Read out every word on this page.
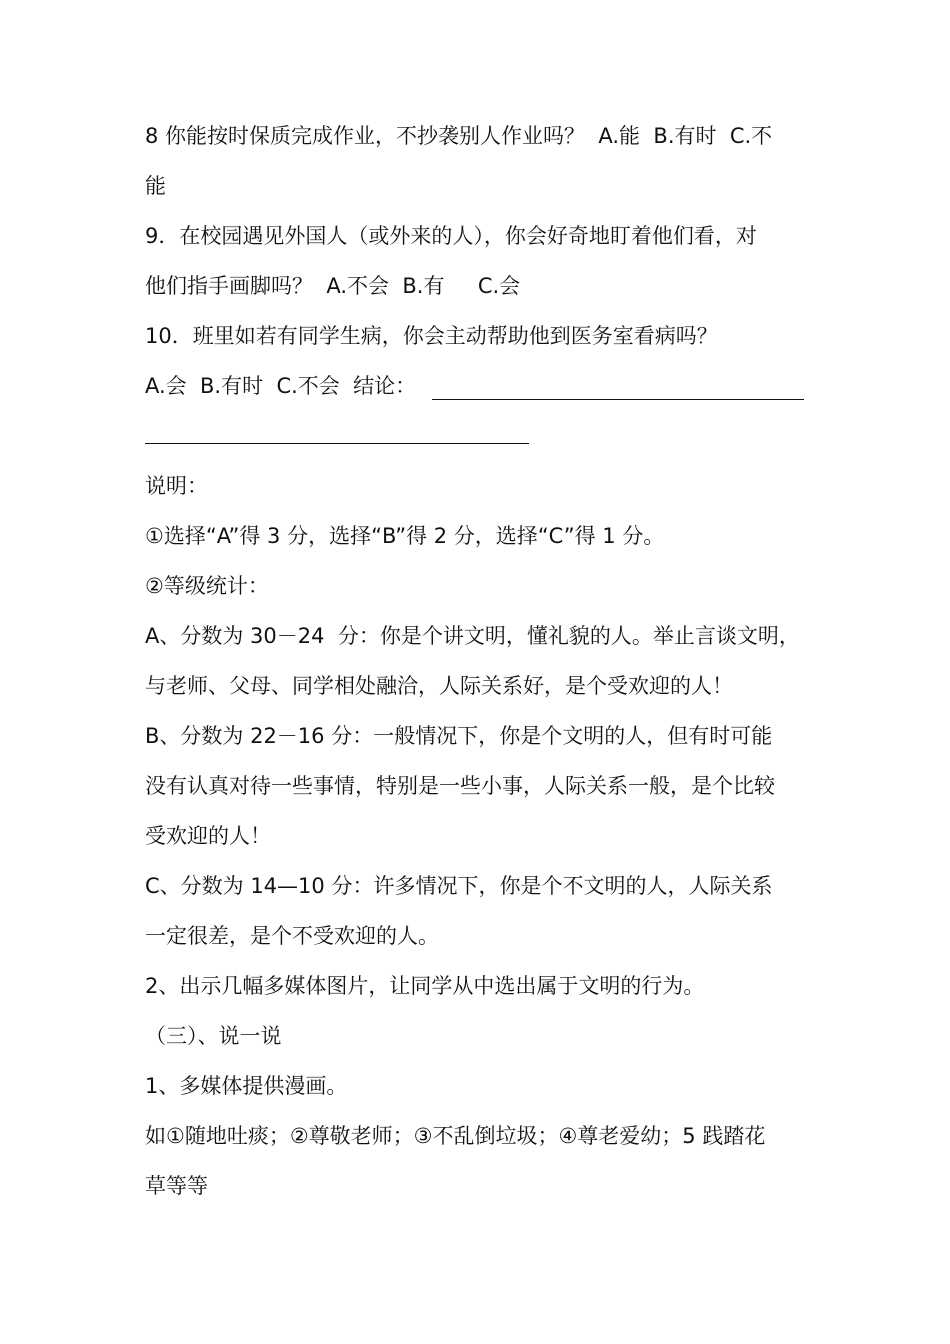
8 你能按时保质完成作业，不抄袭别人作业吗？  A.能  B.有时  C.不
能
9．在校园遇见外国人（或外来的人），你会好奇地盯着他们看，对
他们指手画脚吗？  A.不会  B.有     C.会
10．班里如若有同学生病，你会主动帮助他到医务室看病吗？
A.会  B.有时  C.不会  结论：
说明：
①选择“A”得 3 分，选择“B”得 2 分，选择“C”得 1 分。
②等级统计：
A、分数为 30－24  分：你是个讲文明，懂礼貌的人。举止言谈文明，
与老师、父母、同学相处融洽，人际关系好，是个受欢迎的人！
B、分数为 22－16 分：一般情况下，你是个文明的人，但有时可能
没有认真对待一些事情，特别是一些小事，人际关系一般，是个比较
受欢迎的人！
C、分数为 14—10 分：许多情况下，你是个不文明的人，人际关系
一定很差，是个不受欢迎的人。
2、出示几幅多媒体图片，让同学从中选出属于文明的行为。
（三）、说一说
1、多媒体提供漫画。
如①随地吐痰；②尊敬老师；③不乱倒垃圾；④尊老爱幼；5 践踏花
草等等
